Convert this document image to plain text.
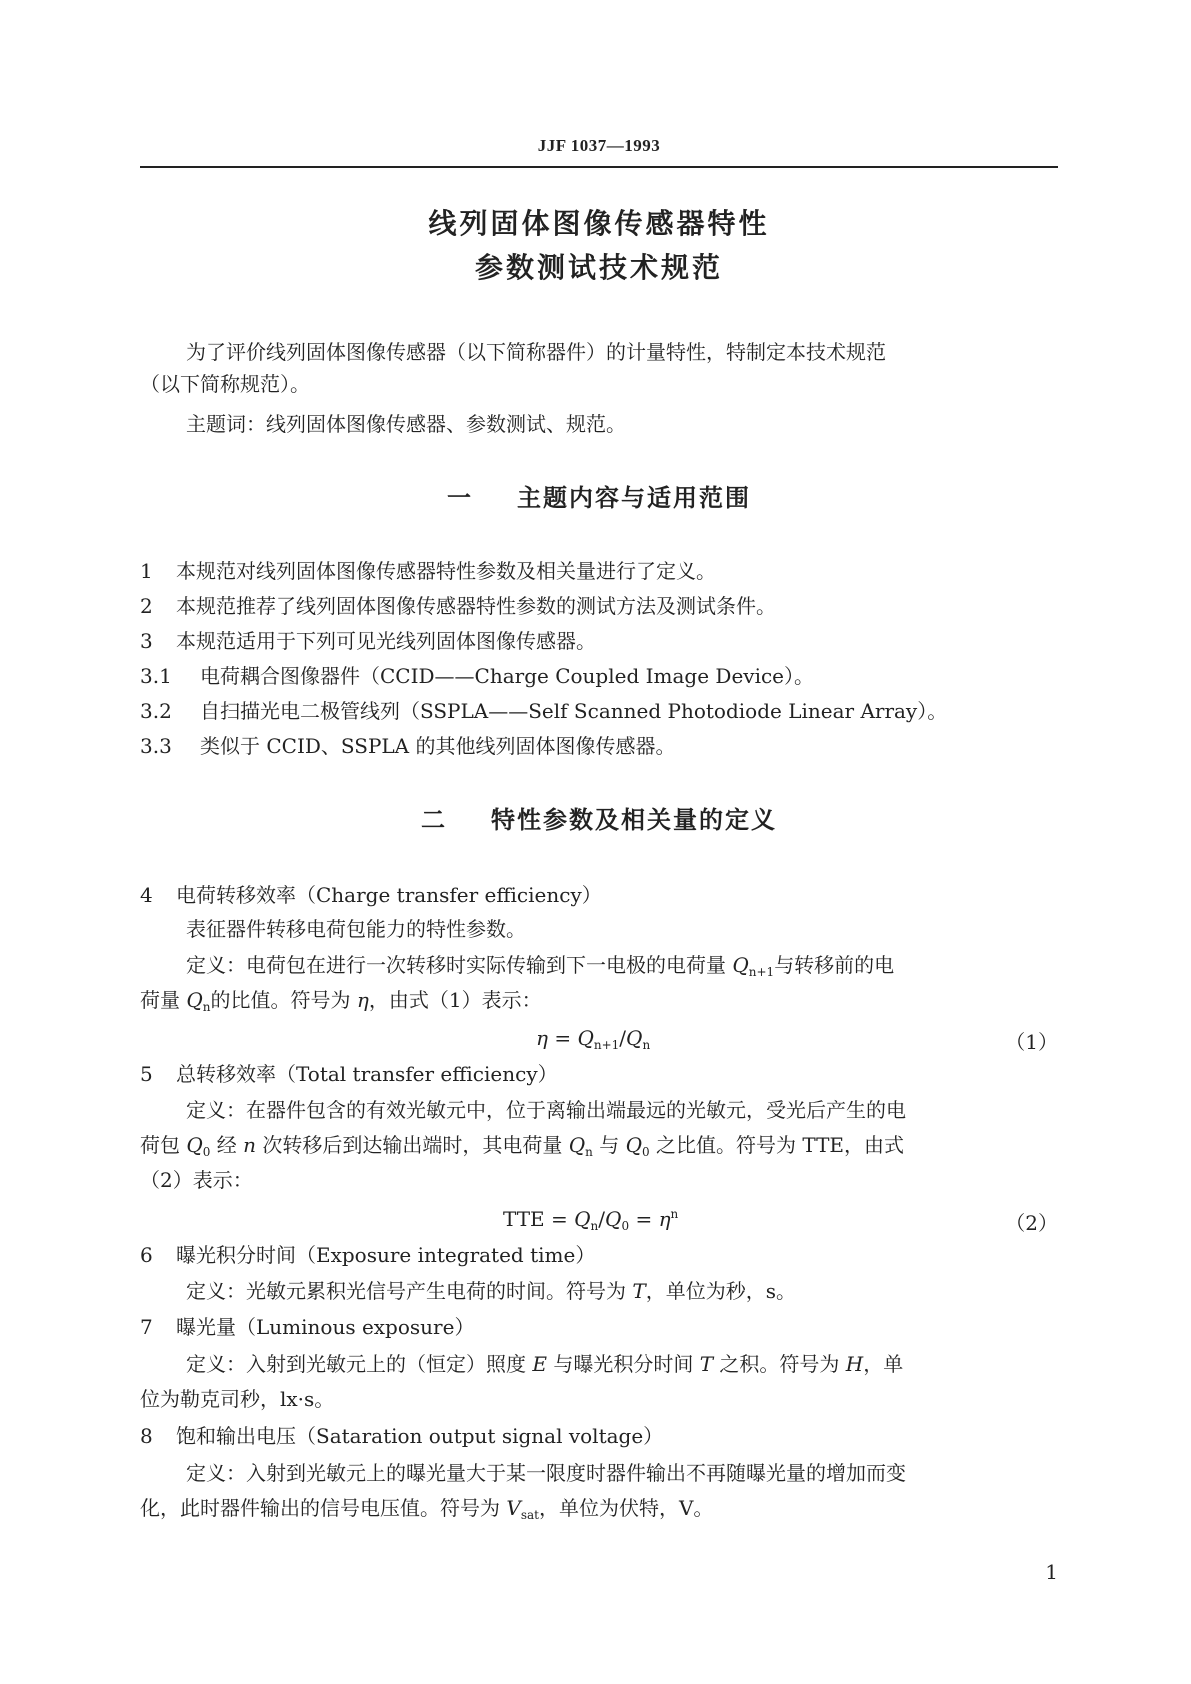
JJF 1037—1993
线列固体图像传感器特性
参数测试技术规范
为了评价线列固体图像传感器（以下简称器件）的计量特性，特制定本技术规范
（以下简称规范）。
主题词：线列固体图像传感器、参数测试、规范。
一 主题内容与适用范围
1 本规范对线列固体图像传感器特性参数及相关量进行了定义。
2 本规范推荐了线列固体图像传感器特性参数的测试方法及测试条件。
3 本规范适用于下列可见光线列固体图像传感器。
3.1 电荷耦合图像器件（CCID——Charge Coupled Image Device）。
3.2 自扫描光电二极管线列（SSPLA——Self Scanned Photodiode Linear Array）。
3.3 类似于 CCID、SSPLA 的其他线列固体图像传感器。
二 特性参数及相关量的定义
4 电荷转移效率（Charge transfer efficiency）
表征器件转移电荷包能力的特性参数。
定义：电荷包在进行一次转移时实际传输到下一电极的电荷量 $Q_{n+1}$与转移前的电
荷量 $Q_n$的比值。符号为 η，由式（1）表示：
$\eta = Q_{n+1}/Q_n$	（1）
5 总转移效率（Total transfer efficiency）
定义：在器件包含的有效光敏元中，位于离输出端最远的光敏元，受光后产生的电
荷包 $Q_0$ 经 n 次转移后到达输出端时，其电荷量 $Q_n$ 与 $Q_0$ 之比值。符号为 TTE，由式
（2）表示：
TTE = $Q_n/Q_0 = \eta^n$	（2）
6 曝光积分时间（Exposure integrated time）
定义：光敏元累积光信号产生电荷的时间。符号为 T，单位为秒，s。
7 曝光量（Luminous exposure）
定义：入射到光敏元上的（恒定）照度 E 与曝光积分时间 T 之积。符号为 H，单
位为勒克司秒，lx·s。
8 饱和输出电压（Sataration output signal voltage）
定义：入射到光敏元上的曝光量大于某一限度时器件输出不再随曝光量的增加而变
化，此时器件输出的信号电压值。符号为 $V_{sat}$，单位为伏特，V。
1
